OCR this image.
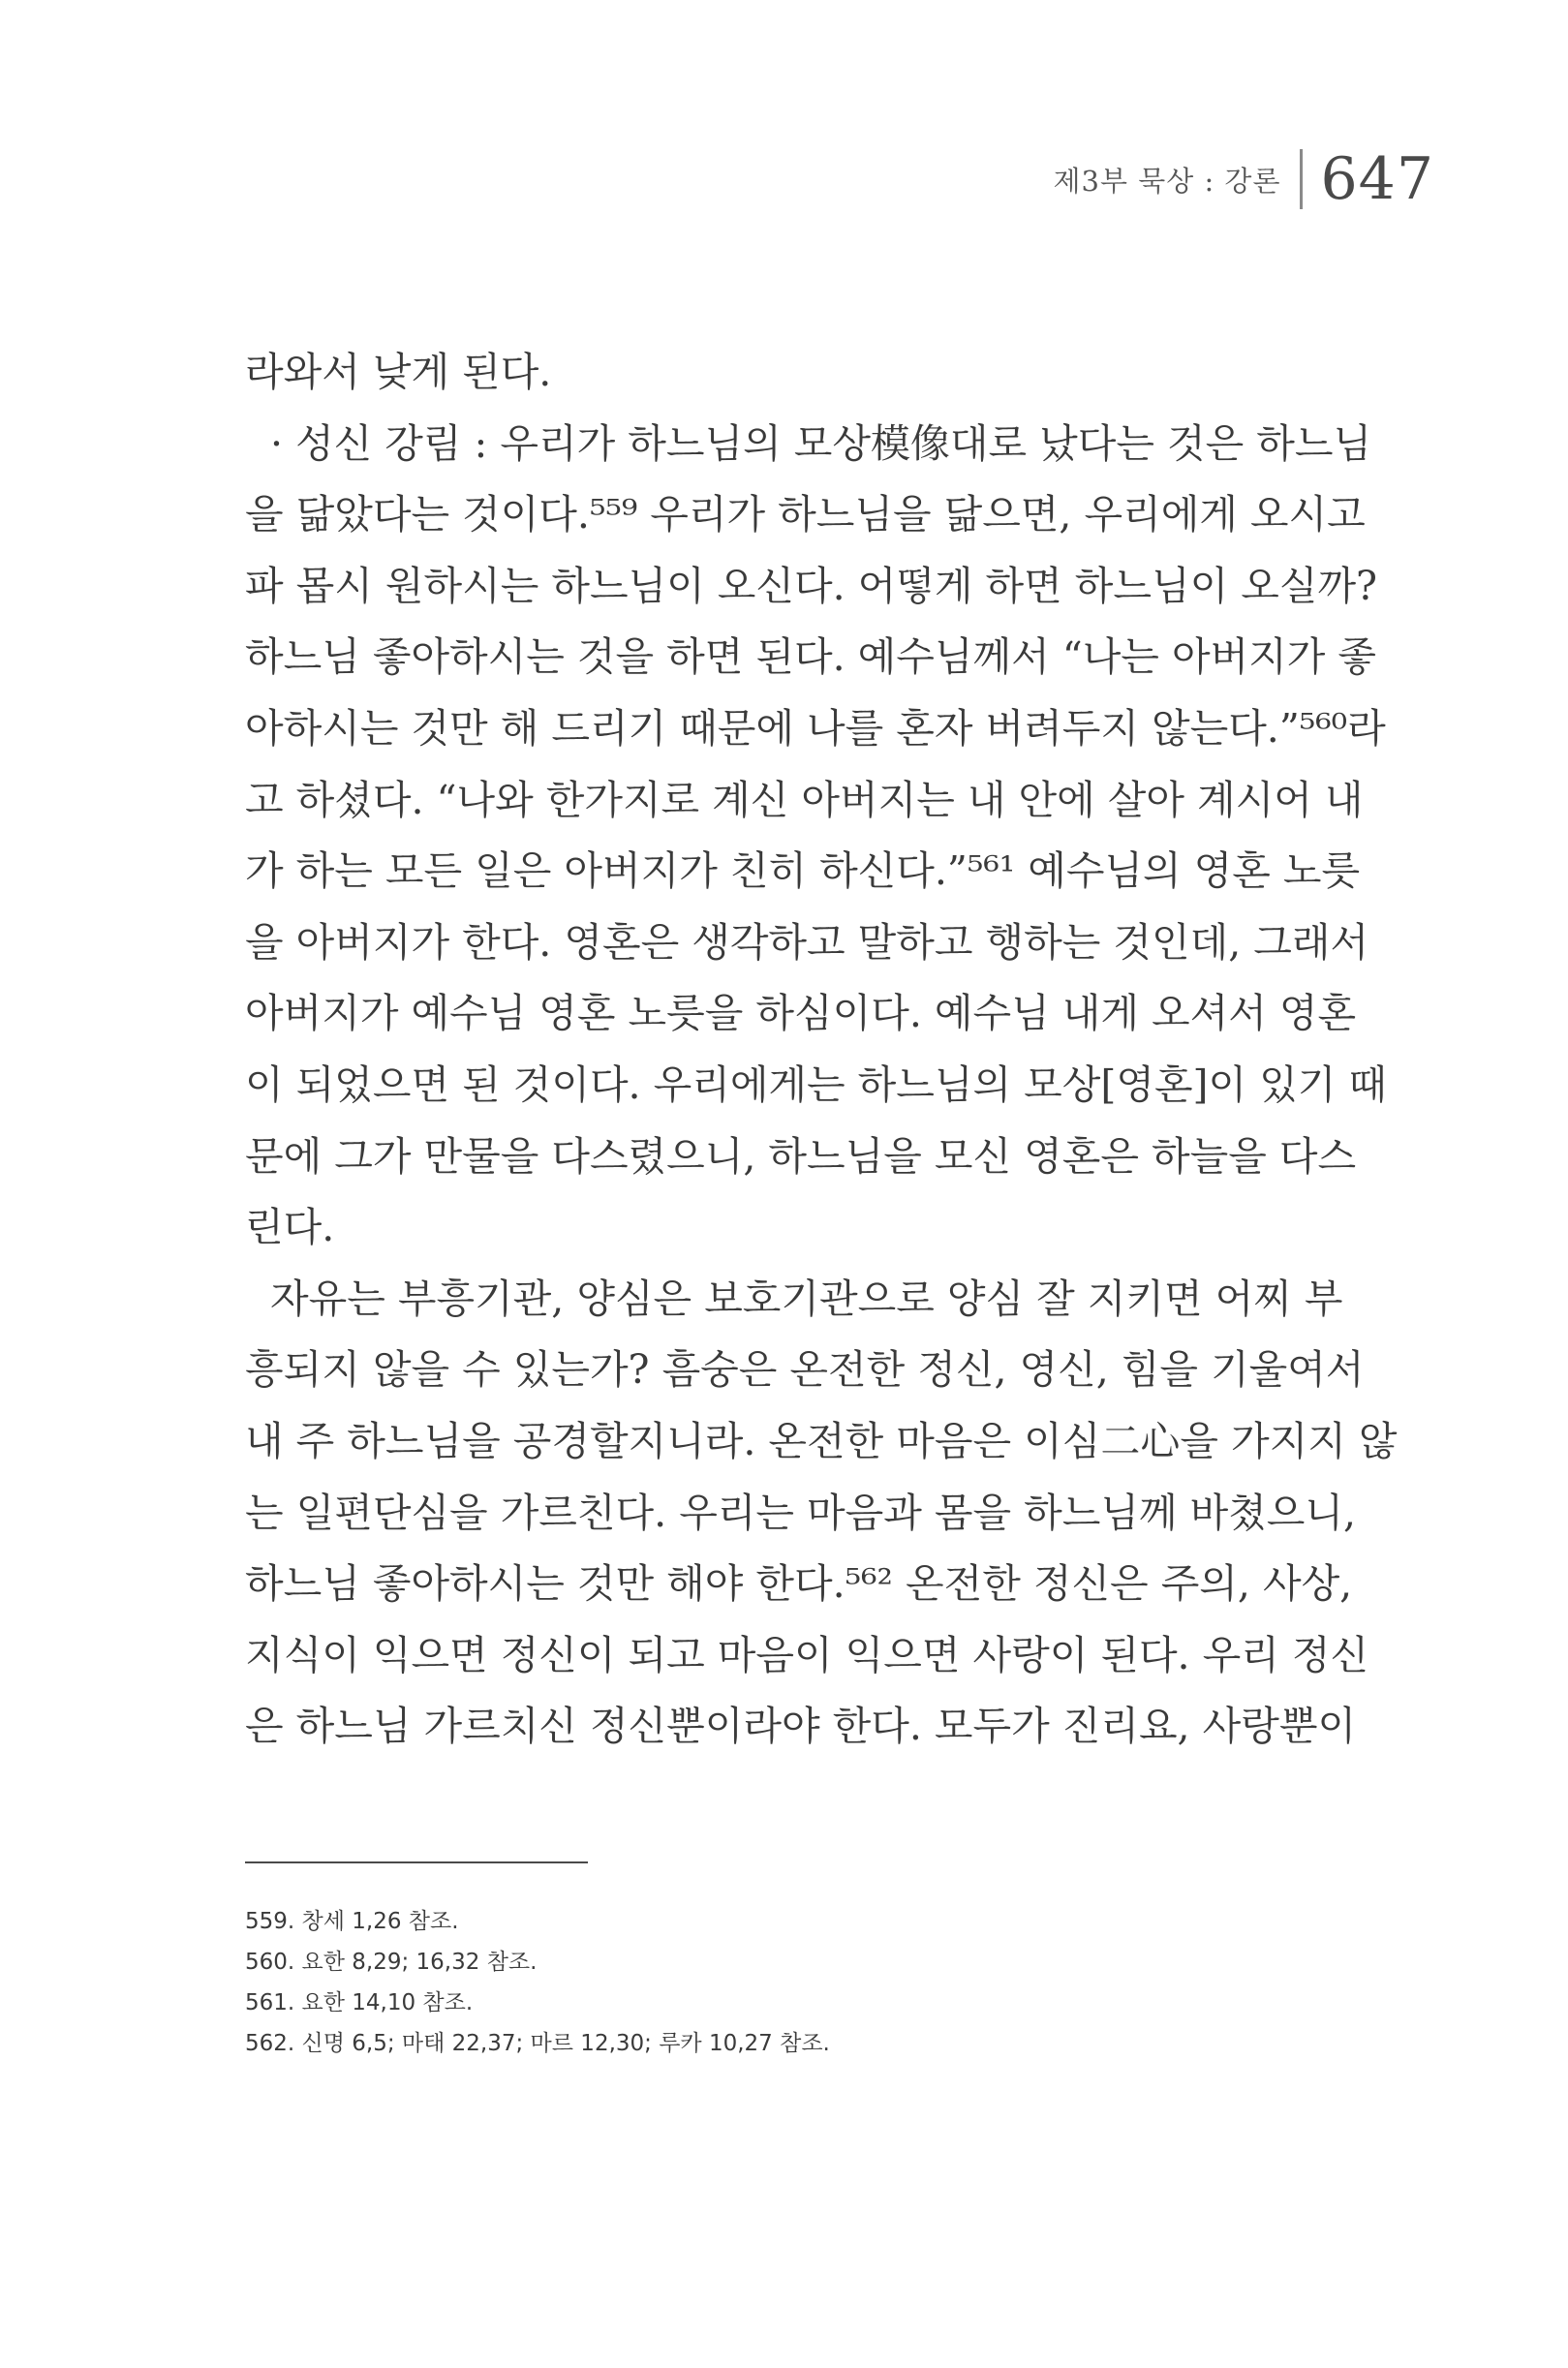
제3부 묵상 : 강론 647
라와서 낮게 된다.
· 성신 강림 : 우리가 하느님의 모상模像대로 났다는 것은 하느님
을 닮았다는 것이다.⁵⁵⁹ 우리가 하느님을 닮으면, 우리에게 오시고
파 몹시 원하시는 하느님이 오신다. 어떻게 하면 하느님이 오실까?
하느님 좋아하시는 것을 하면 된다. 예수님께서 “나는 아버지가 좋
아하시는 것만 해 드리기 때문에 나를 혼자 버려두지 않는다.”⁵⁶⁰라
고 하셨다. “나와 한가지로 계신 아버지는 내 안에 살아 계시어 내
가 하는 모든 일은 아버지가 친히 하신다.”⁵⁶¹ 예수님의 영혼 노릇
을 아버지가 한다. 영혼은 생각하고 말하고 행하는 것인데, 그래서
아버지가 예수님 영혼 노릇을 하심이다. 예수님 내게 오셔서 영혼
이 되었으면 된 것이다. 우리에게는 하느님의 모상[영혼]이 있기 때
문에 그가 만물을 다스렸으니, 하느님을 모신 영혼은 하늘을 다스
린다.
자유는 부흥기관, 양심은 보호기관으로 양심 잘 지키면 어찌 부
흥되지 않을 수 있는가? 흠숭은 온전한 정신, 영신, 힘을 기울여서
내 주 하느님을 공경할지니라. 온전한 마음은 이심二心을 가지지 않
는 일편단심을 가르친다. 우리는 마음과 몸을 하느님께 바쳤으니,
하느님 좋아하시는 것만 해야 한다.⁵⁶² 온전한 정신은 주의, 사상,
지식이 익으면 정신이 되고 마음이 익으면 사랑이 된다. 우리 정신
은 하느님 가르치신 정신뿐이라야 한다. 모두가 진리요, 사랑뿐이
559. 창세 1,26 참조.
560. 요한 8,29; 16,32 참조.
561. 요한 14,10 참조.
562. 신명 6,5; 마태 22,37; 마르 12,30; 루카 10,27 참조.
